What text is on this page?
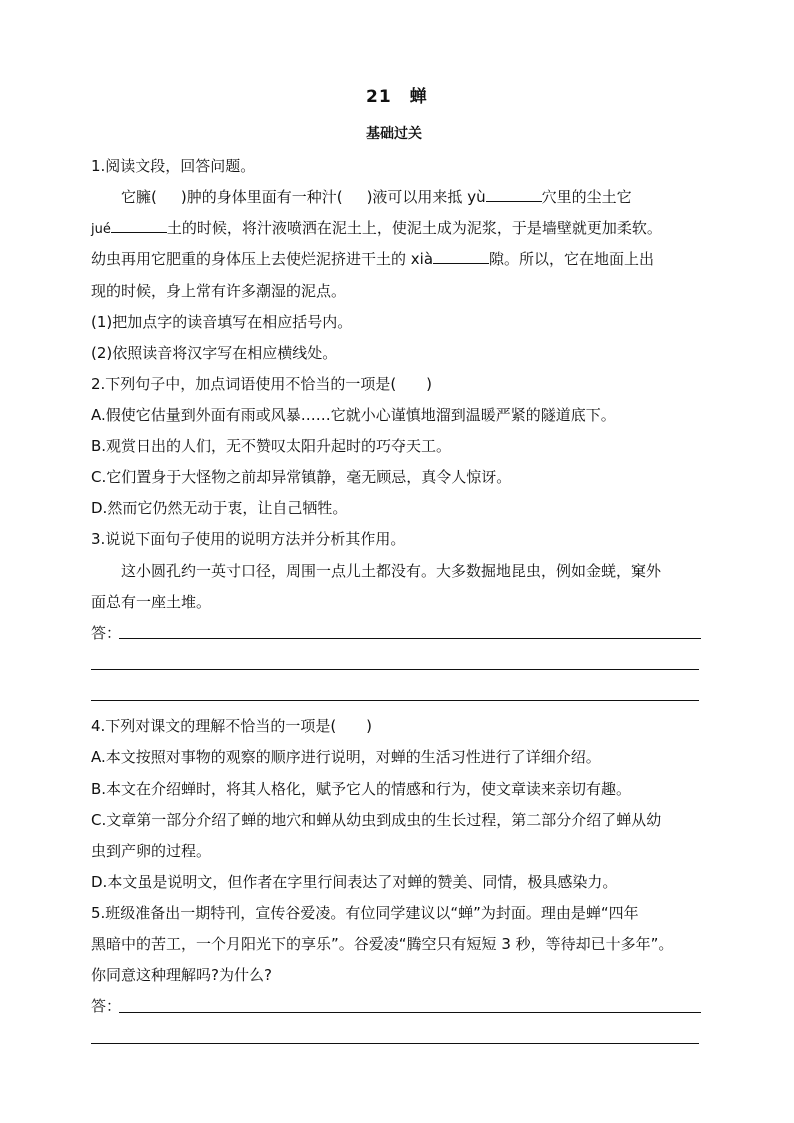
21　蝉
基础过关
1.阅读文段，回答问题。
它臃( )肿的身体里面有一种汁( )液可以用来抵 yù	穴里的尘土它
jué	土的时候，将汁液喷洒在泥土上，使泥土成为泥浆，于是墙壁就更加柔软。
幼虫再用它肥重的身体压上去使烂泥挤进干土的 xià	隙。所以，它在地面上出
现的时候，身上常有许多潮湿的泥点。
(1)把加点字的读音填写在相应括号内。
(2)依照读音将汉字写在相应横线处。
2.下列句子中，加点词语使用不恰当的一项是(　　)
A.假使它估量到外面有雨或风暴……它就小心谨慎地溜到温暖严紧的隧道底下。
B.观赏日出的人们，无不赞叹太阳升起时的巧夺天工。
C.它们置身于大怪物之前却异常镇静，毫无顾忌，真令人惊讶。
D.然而它仍然无动于衷，让自己牺牲。
3.说说下面句子使用的说明方法并分析其作用。
这小圆孔约一英寸口径，周围一点儿土都没有。大多数掘地昆虫，例如金蜣，窠外
面总有一座土堆。
答：
4.下列对课文的理解不恰当的一项是(　　)
A.本文按照对事物的观察的顺序进行说明，对蝉的生活习性进行了详细介绍。
B.本文在介绍蝉时，将其人格化，赋予它人的情感和行为，使文章读来亲切有趣。
C.文章第一部分介绍了蝉的地穴和蝉从幼虫到成虫的生长过程，第二部分介绍了蝉从幼
虫到产卵的过程。
D.本文虽是说明文，但作者在字里行间表达了对蝉的赞美、同情，极具感染力。
5.班级准备出一期特刊，宣传谷爱凌。有位同学建议以“蝉”为封面。理由是蝉“四年
黑暗中的苦工，一个月阳光下的享乐”。谷爱凌“腾空只有短短 3 秒，等待却已十多年”。
你同意这种理解吗?为什么?
答：
